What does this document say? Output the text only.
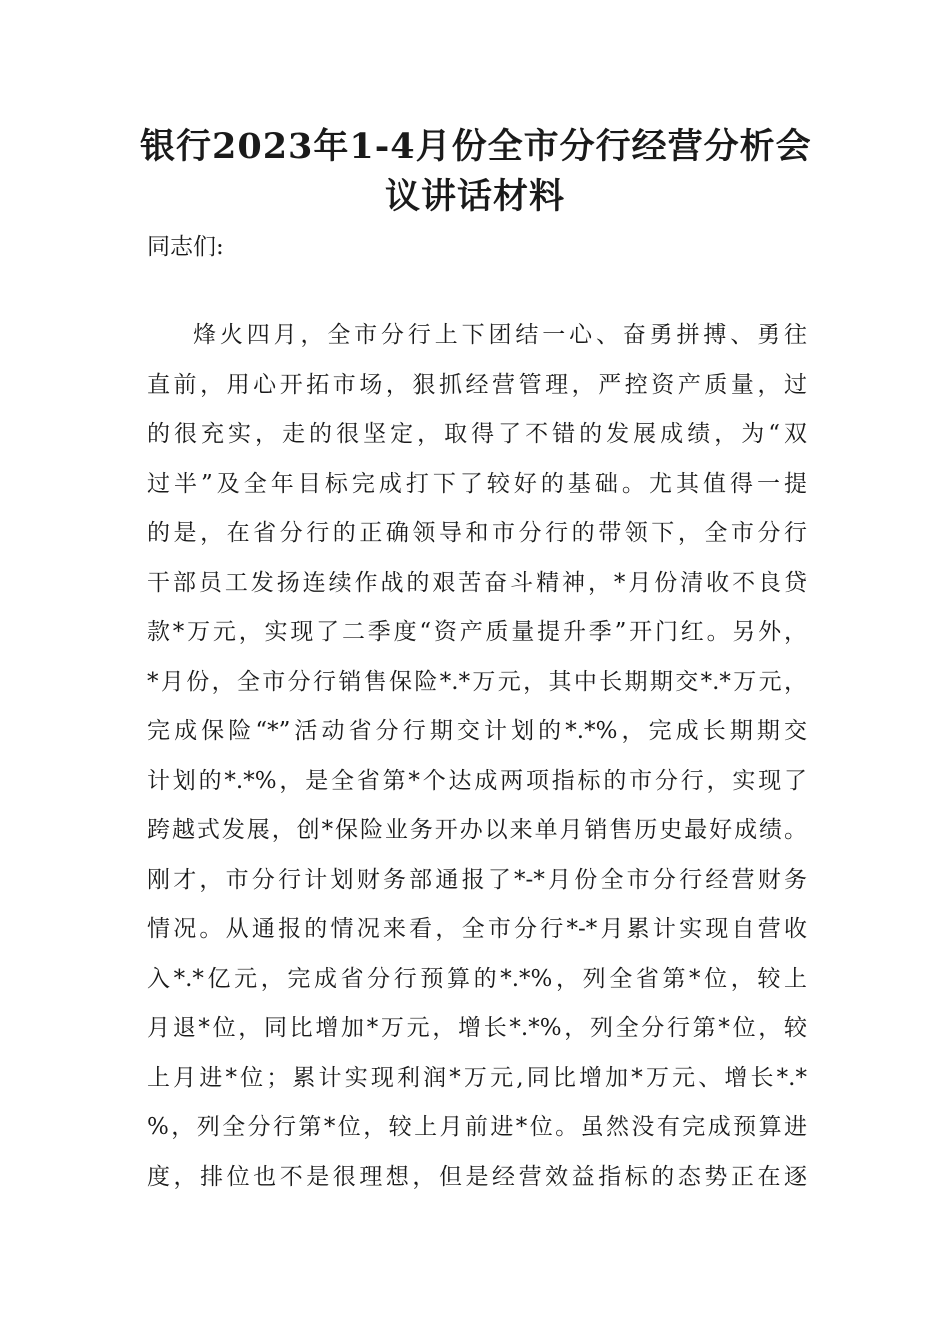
银行2023年1-4月份全市分行经营分析会
议讲话材料

同志们:

烽火四月，全市分行上下团结一心、奋勇拼搏、勇往
直前，用心开拓市场，狠抓经营管理，严控资产质量，过
的很充实，走的很坚定，取得了不错的发展成绩，为“双
过半”及全年目标完成打下了较好的基础。尤其值得一提
的是，在省分行的正确领导和市分行的带领下，全市分行
干部员工发扬连续作战的艰苦奋斗精神，*月份清收不良贷
款*万元，实现了二季度“资产质量提升季”开门红。另外，
*月份，全市分行销售保险*.*万元，其中长期期交*.*万元，
完成保险“*”活动省分行期交计划的*.*%，完成长期期交
计划的*.*%，是全省第*个达成两项指标的市分行，实现了
跨越式发展，创*保险业务开办以来单月销售历史最好成绩。
刚才，市分行计划财务部通报了*-*月份全市分行经营财务
情况。从通报的情况来看，全市分行*-*月累计实现自营收
入*.*亿元，完成省分行预算的*.*%，列全省第*位，较上
月退*位，同比增加*万元，增长*.*%，列全分行第*位，较
上月进*位；累计实现利润*万元,同比增加*万元、增长*.*
%，列全分行第*位，较上月前进*位。虽然没有完成预算进
度，排位也不是很理想，但是经营效益指标的态势正在逐
